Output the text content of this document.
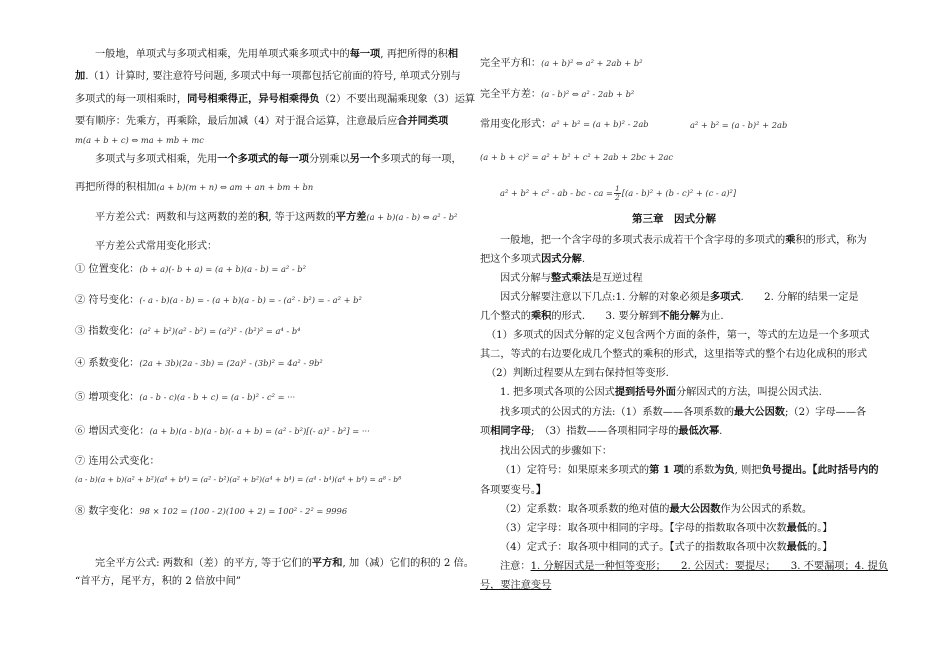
一般地，单项式与多项式相乘，先用单项式乘多项式中的每一项, 再把所得的积相
加.（1）计算时, 要注意符号问题, 多项式中每一项都包括它前面的符号, 单项式分别与
多项式的每一项相乘时，同号相乘得正，异号相乘得负（2）不要出现漏乘现象（3）运算
要有顺序：先乘方，再乘除，最后加减（4）对于混合运算，注意最后应合并同类项
m(a + b + c) ⇔ ma + mb + mc
多项式与多项式相乘，先用一个多项式的每一项分别乘以另一个多项式的每一项，
再把所得的积相加(a + b)(m + n) ⇔ am + an + bm + bn
平方差公式：两数和与这两数的差的积, 等于这两数的平方差(a + b)(a - b) ⇔ a² - b²
平方差公式常用变化形式：
① 位置变化：(b + a)(- b + a) = (a + b)(a - b) = a² - b²
② 符号变化：(- a - b)(a - b) = - (a + b)(a - b) = - (a² - b²) = - a² + b²
③ 指数变化：(a² + b²)(a² - b²) = (a²)² - (b²)² = a⁴ - b⁴
④ 系数变化：(2a + 3b)(2a - 3b) = (2a)² - (3b)² = 4a² - 9b²
⑤ 增项变化：(a - b - c)(a - b + c) = (a - b)² - c² = ···
⑥ 增因式变化：(a + b)(a - b)(a - b)(- a + b) = (a² - b²)[(- a)² - b²] = ···
⑦ 连用公式变化：
(a - b)(a + b)(a² + b²)(a⁴ + b⁴) = (a² - b²)(a² + b²)(a⁴ + b⁴) = (a⁴ - b⁴)(a⁴ + b⁴) = a⁸ - b⁸
⑧ 数字变化：98 × 102 = (100 - 2)(100 + 2) = 100² - 2² = 9996
完全平方公式: 两数和（差）的平方, 等于它们的平方和, 加（减）它们的积的 2 倍。
“首平方，尾平方，积的 2 倍放中间”
完全平方和：(a + b)² ⇔ a² + 2ab + b²
完全平方差：(a - b)² ⇔ a² - 2ab + b²
常用变化形式：a² + b² = (a + b)² - 2ab	a² + b² = (a - b)² + 2ab
(a + b + c)² = a² + b² + c² + 2ab + 2bc + 2ac
a² + b² + c² - ab - bc - ca = $\frac{1}{2} [(a - b)^2 + (b - c)^2 + (c - a)^2]$
第三章　因式分解
一般地，把一个含字母的多项式表示成若干个含字母的多项式的乘积的形式，称为
把这个多项式因式分解.
因式分解与整式乘法是互逆过程
因式分解要注意以下几点:1. 分解的对象必须是多项式.　　2. 分解的结果一定是
几个整式的乘积的形式.　　3. 要分解到不能分解为止.
（1）多项式的因式分解的定义包含两个方面的条件，第一，等式的左边是一个多项式
其二，等式的右边要化成几个整式的乘积的形式，这里指等式的整个右边化成积的形式
（2）判断过程要从左到右保持恒等变形.
1. 把多项式各项的公因式提到括号外面分解因式的方法，叫提公因式法.
找多项式的公因式的方法:（1）系数——各项系数的最大公因数;（2）字母——各
项相同字母;　（3）指数——各项相同字母的最低次幂.
找出公因式的步骤如下：
（1）定符号：如果原来多项式的第 1 项的系数为负, 则把负号提出。【此时括号内的
各项要变号。】
（2）定系数：取各项系数的绝对值的最大公因数作为公因式的系数。
（3）定字母：取各项中相同的字母。【字母的指数取各项中次数最低的。】
（4）定式子：取各项中相同的式子。【式子的指数取各项中次数最低的。】
注意：1. 分解因式是一种恒等变形；　　2. 公因式：要提尽；　　3. 不要漏项；4. 提负
号，要注意变号
